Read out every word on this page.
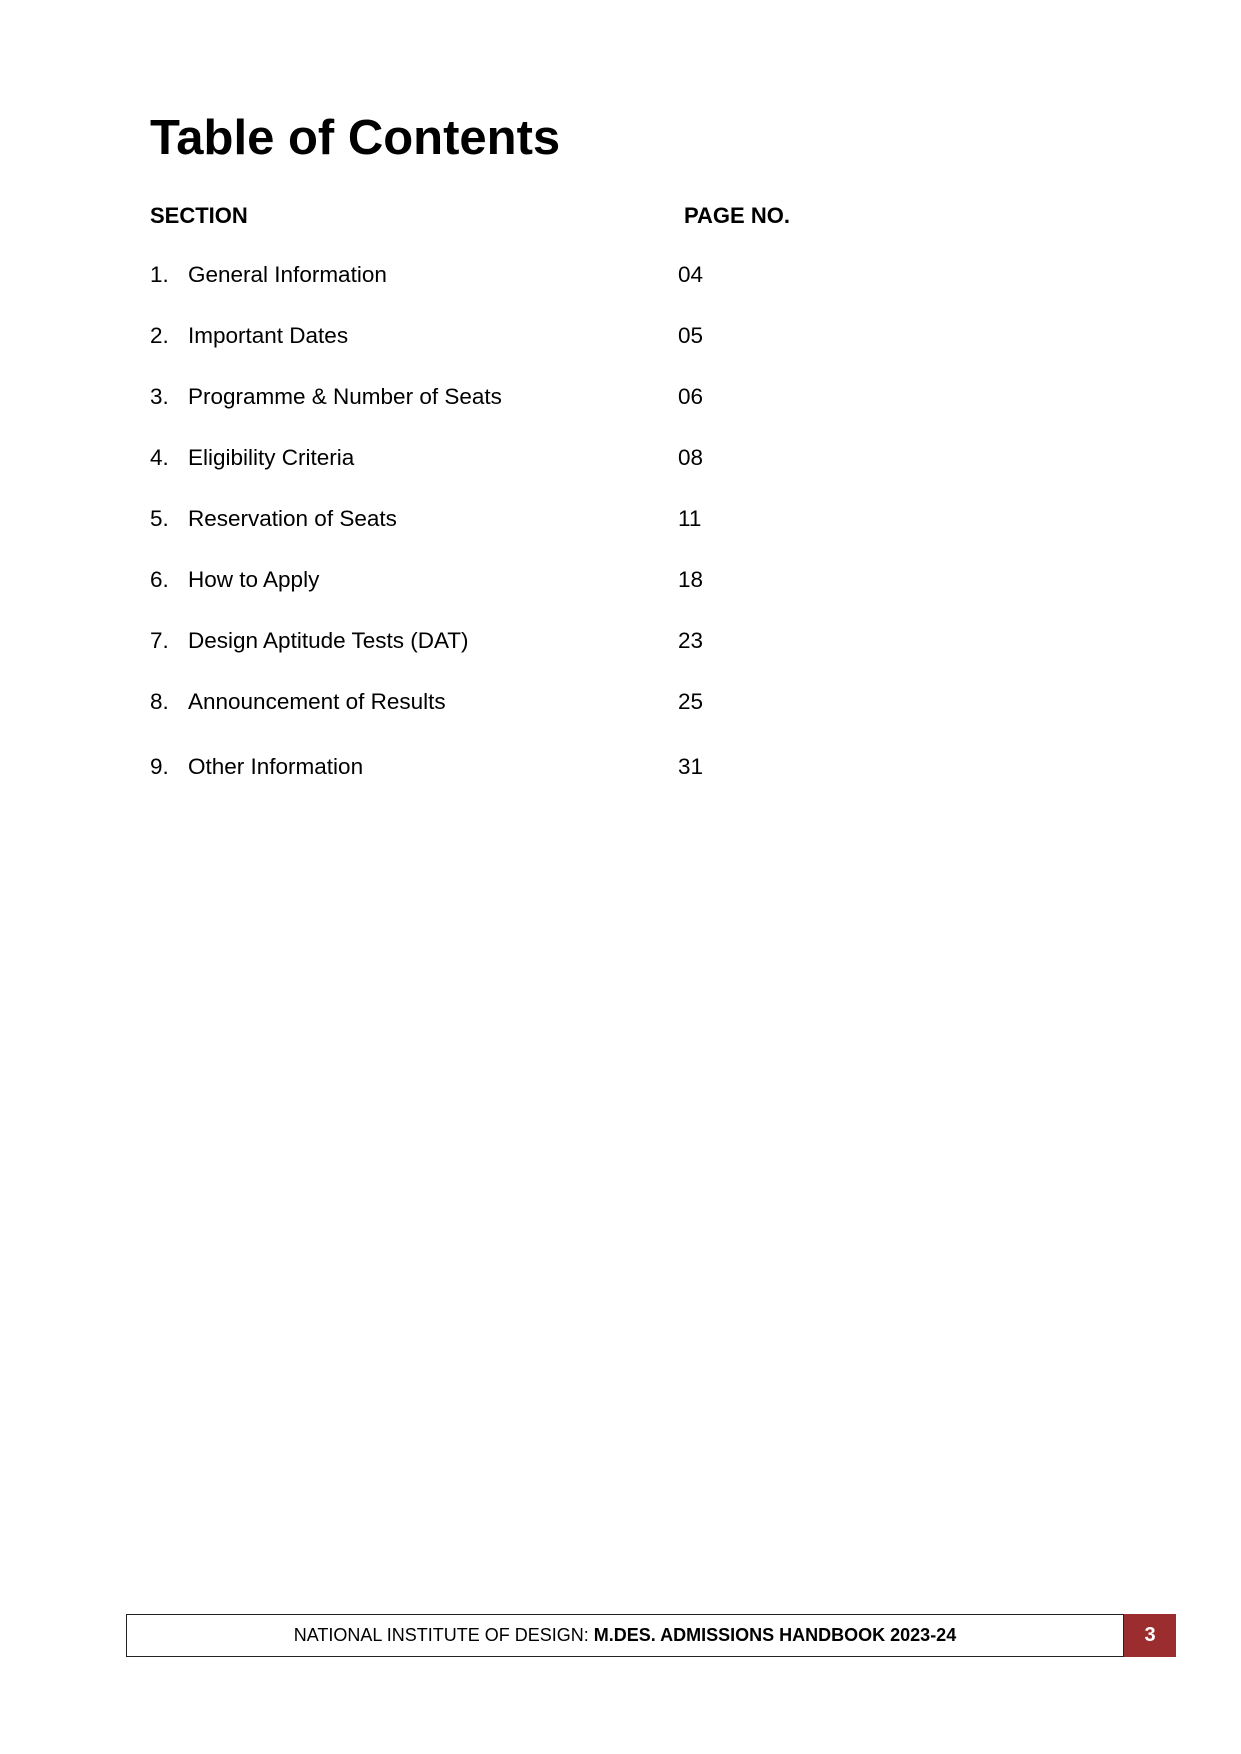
Table of Contents
SECTION	PAGE NO.
1. General Information	04
2. Important Dates	05
3. Programme & Number of Seats	06
4. Eligibility Criteria	08
5. Reservation of Seats	11
6. How to Apply	18
7. Design Aptitude Tests (DAT)	23
8. Announcement of Results	25
9. Other Information	31
NATIONAL INSTITUTE OF DESIGN: M.DES. ADMISSIONS HANDBOOK 2023-24	3
